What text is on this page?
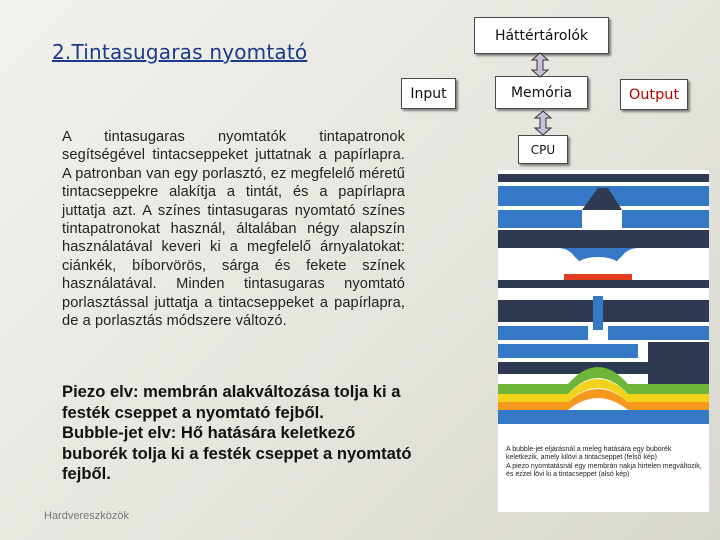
2.Tintasugaras nyomtató
A tintasugaras nyomtatók tintapatronok segítségével tintacseppeket juttatnak a papírlapra. A patronban van egy porlasztó, ez megfelelő méretű tintacseppekre alakítja a tintát, és a papírlapra juttatja azt. A színes tintasugaras nyomtató színes tintapatronokat használ, általában négy alapszín használatával keveri ki a megfelelő árnyalatokat: ciánkék, bíborvörös, sárga és fekete színek használatával. Minden tintasugaras nyomtató porlasztással juttatja a tintacseppeket a papírlapra, de a porlasztás módszere változó.
Piezo elv: membrán alakváltozása tolja ki a festék cseppet a nyomtató fejből.
Bubble-jet elv: Hő hatására keletkező buborék tolja ki a festék cseppet a nyomtató fejből.
Hardvereszközök
Háttértárolók
Input	Memória	Output
CPU
A bubble-jet eljárásnál a meleg hatására egy buborék keletkezik, amely kilövi a tintacseppet (felső kép)
A piezo nyomtatásnál egy membrán nakja hirtelen megváltozik, és ezzel lövi ki a tintacseppet (alsó kép)
